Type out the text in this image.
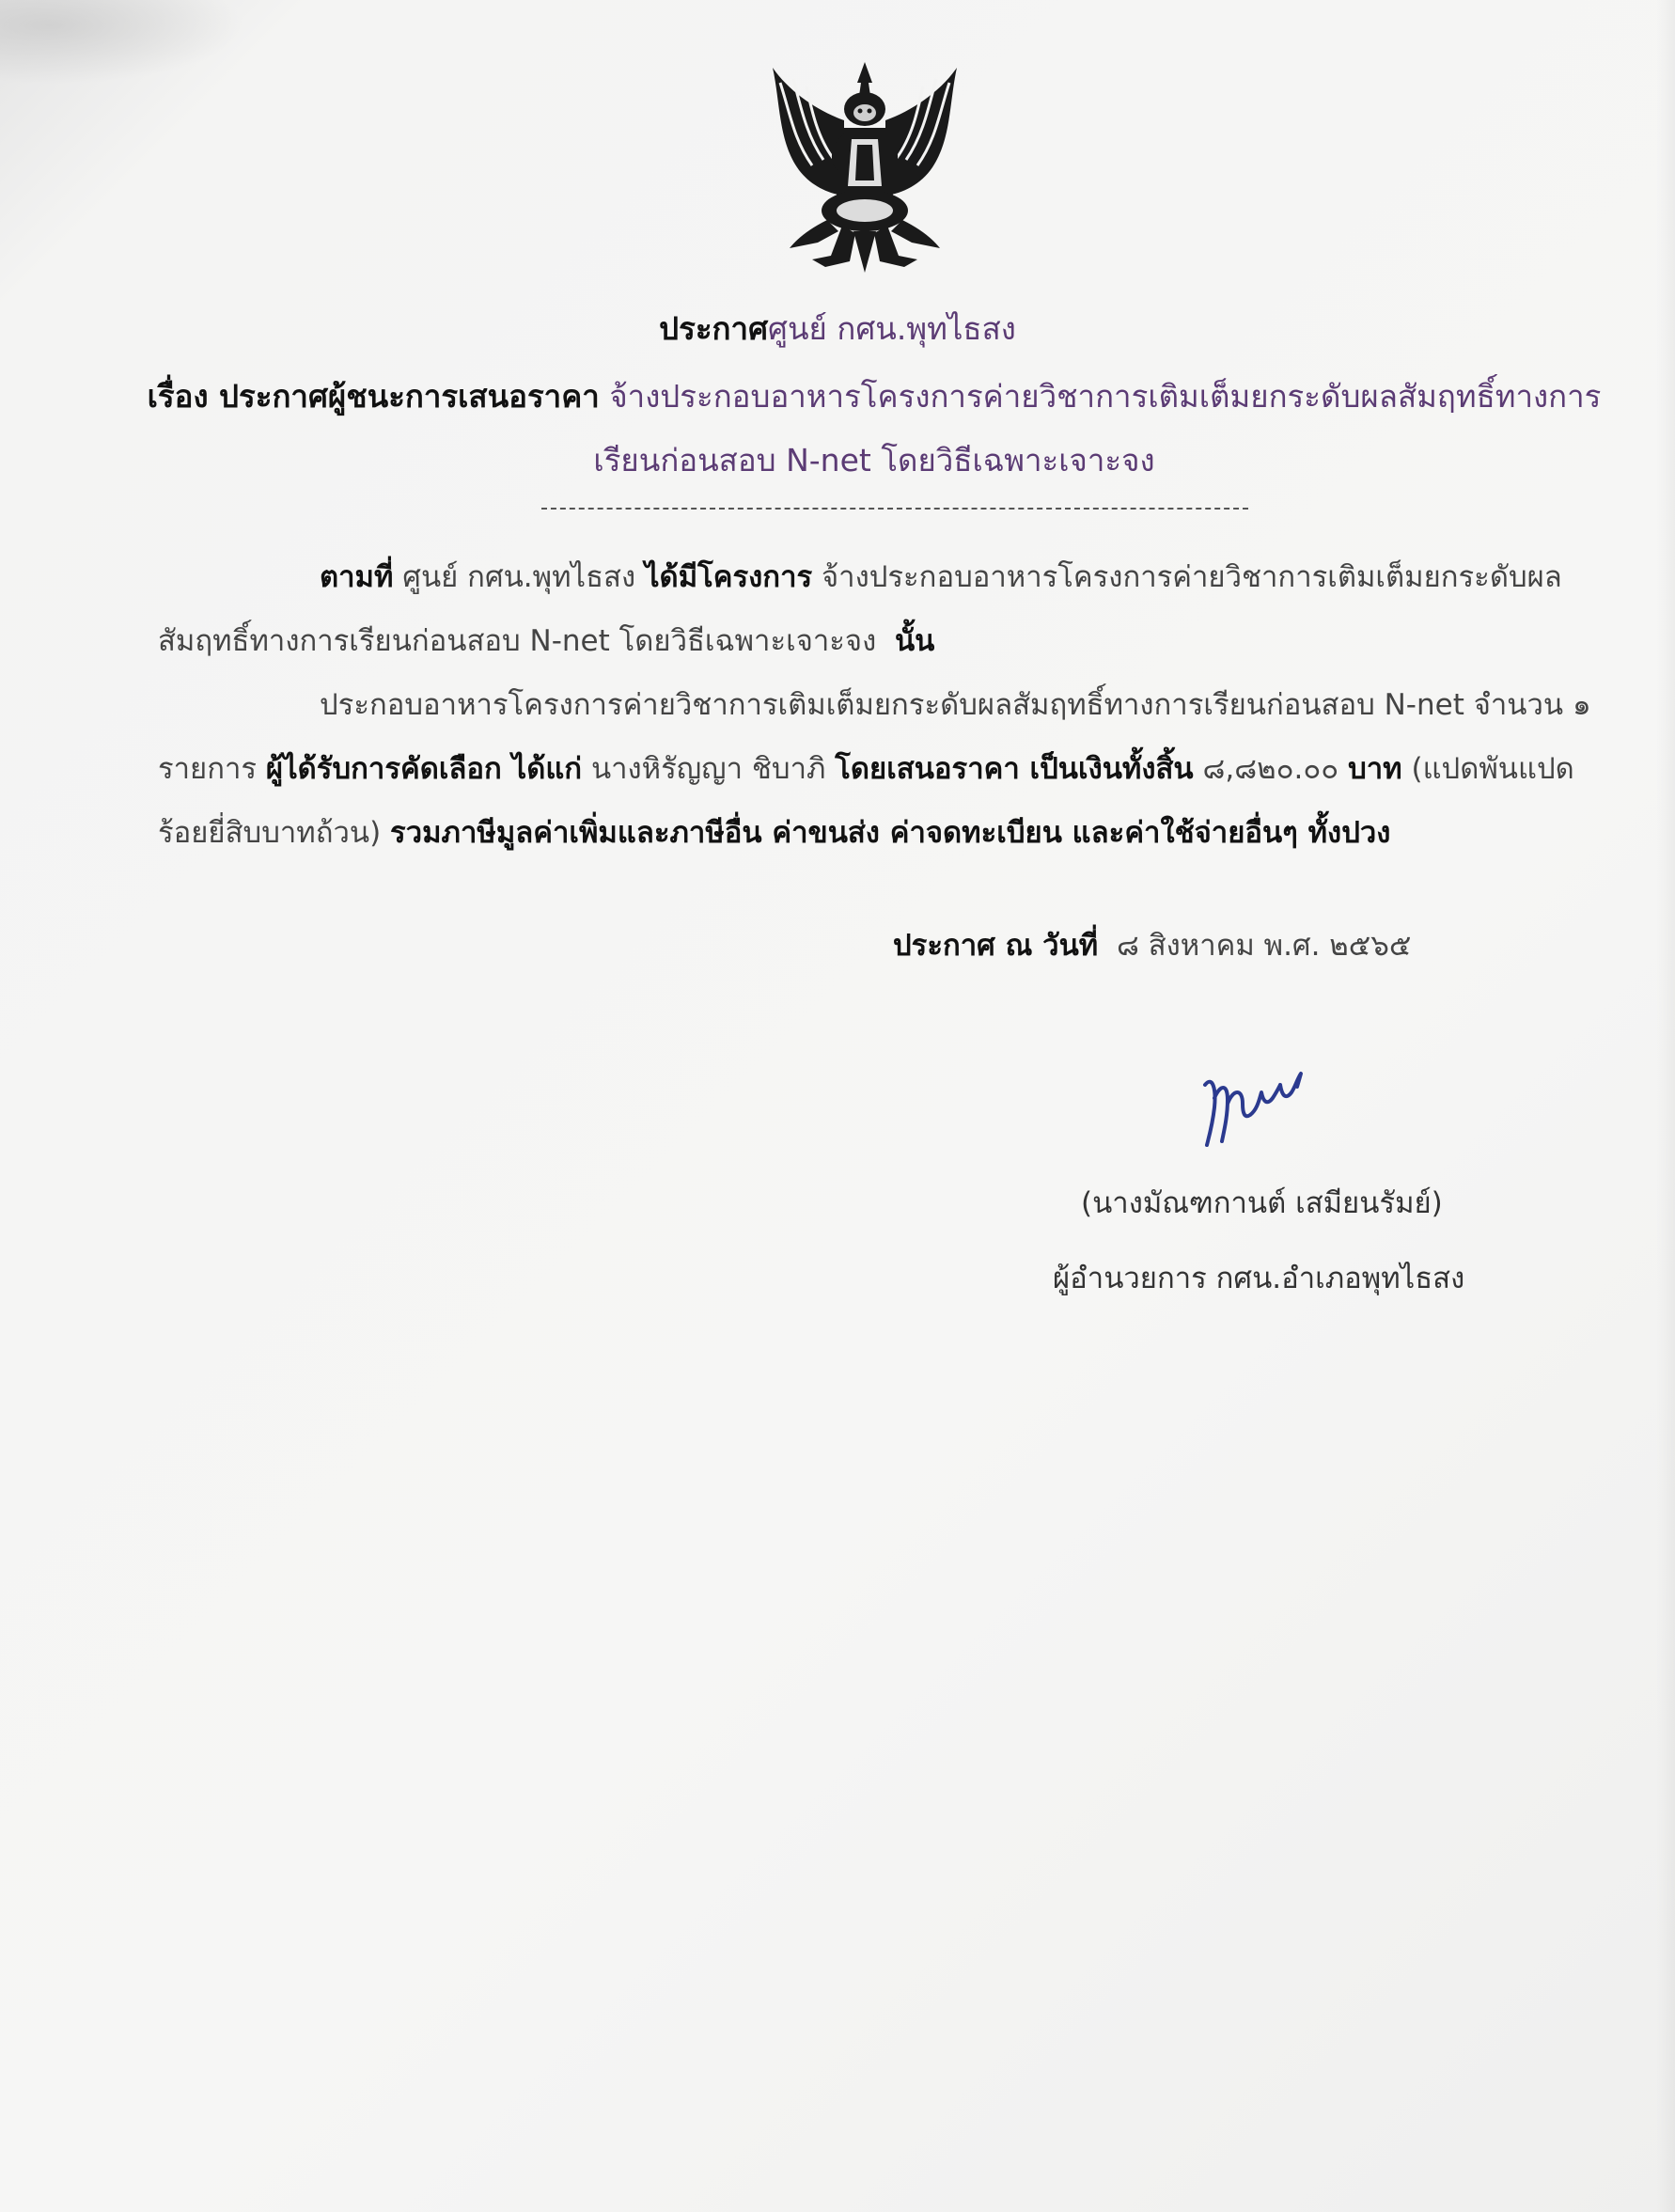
ประกาศศูนย์ กศน.พุทไธสง
เรื่อง ประกาศผู้ชนะการเสนอราคา จ้างประกอบอาหารโครงการค่ายวิชาการเติมเต็มยกระดับผลสัมฤทธิ์ทางการ
เรียนก่อนสอบ N-net โดยวิธีเฉพาะเจาะจง
ตามที่ ศูนย์ กศน.พุทไธสง ได้มีโครงการ จ้างประกอบอาหารโครงการค่ายวิชาการเติมเต็มยกระดับผลสัมฤทธิ์ทางการเรียนก่อนสอบ N-net โดยวิธีเฉพาะเจาะจง นั้น
ประกอบอาหารโครงการค่ายวิชาการเติมเต็มยกระดับผลสัมฤทธิ์ทางการเรียนก่อนสอบ N-net จำนวน ๑ รายการ ผู้ได้รับการคัดเลือก ได้แก่ นางหิรัญญา ชิบาภิ โดยเสนอราคา เป็นเงินทั้งสิ้น ๘,๘๒๐.๐๐ บาท (แปดพันแปดร้อยยี่สิบบาทถ้วน) รวมภาษีมูลค่าเพิ่มและภาษีอื่น ค่าขนส่ง ค่าจดทะเบียน และค่าใช้จ่ายอื่นๆ ทั้งปวง
ประกาศ ณ วันที่ ๘ สิงหาคม พ.ศ. ๒๕๖๕
(นางมัณฑกานต์ เสมียนรัมย์)
ผู้อำนวยการ กศน.อำเภอพุทไธสง
